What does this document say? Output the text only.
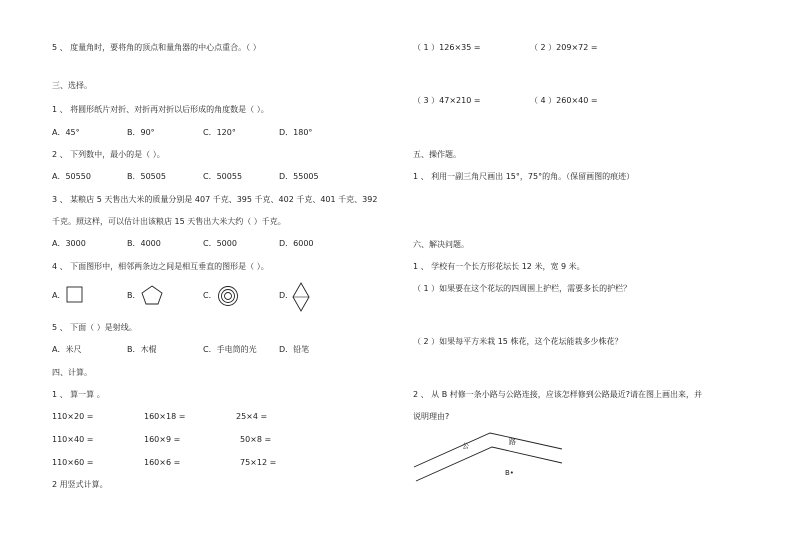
5 、 度量角时，要将角的顶点和量角器的中心点重合。（ ）
三、选择。
1 、 将圆形纸片对折、对折再对折以后形成的角度数是（ ）。
A．45°	B．90°	C．120°	D．180°
2 、 下列数中，最小的是（ ）。
A．50550	B．50505	C．50055	D．55005
3 、 某粮店 5 天售出大米的质量分别是 407 千克、395 千克、402 千克、401 千克、392
千克。照这样，可以估计出该粮店 15 天售出大米大约（ ）千克。
A．3000	B．4000	C．5000	D．6000
4 、 下面图形中，相邻两条边之间是相互垂直的图形是（ ）。
A．	B．	C．	D．
5 、 下面（ ）是射线。
A．米尺	B．木棍	C．手电筒的光	D．铅笔
四、计算。
1 、 算一算 。
110×20 =	160×18 =	25×4 =
110×40 =	160×9 =	50×8 =
110×60 =	160×6 =	75×12 =
2 用竖式计算。
（ 1 ）126×35 =	（ 2 ）209×72 =
（ 3 ）47×210 =	（ 4 ）260×40 =
五、操作题。
1 、 利用一副三角尺画出 15°，75°的角。（保留画图的痕迹）
六、解决问题。
1 、 学校有一个长方形花坛长 12 米，宽 9 米。
（ 1 ）如果要在这个花坛的四周围上护栏，需要多长的护栏？
（ 2 ）如果每平方米栽 15 株花，这个花坛能栽多少株花？
2 、 从 B 村修一条小路与公路连接，应该怎样修到公路最近?请在图上画出来，并
说明理由?
公	路
B•
